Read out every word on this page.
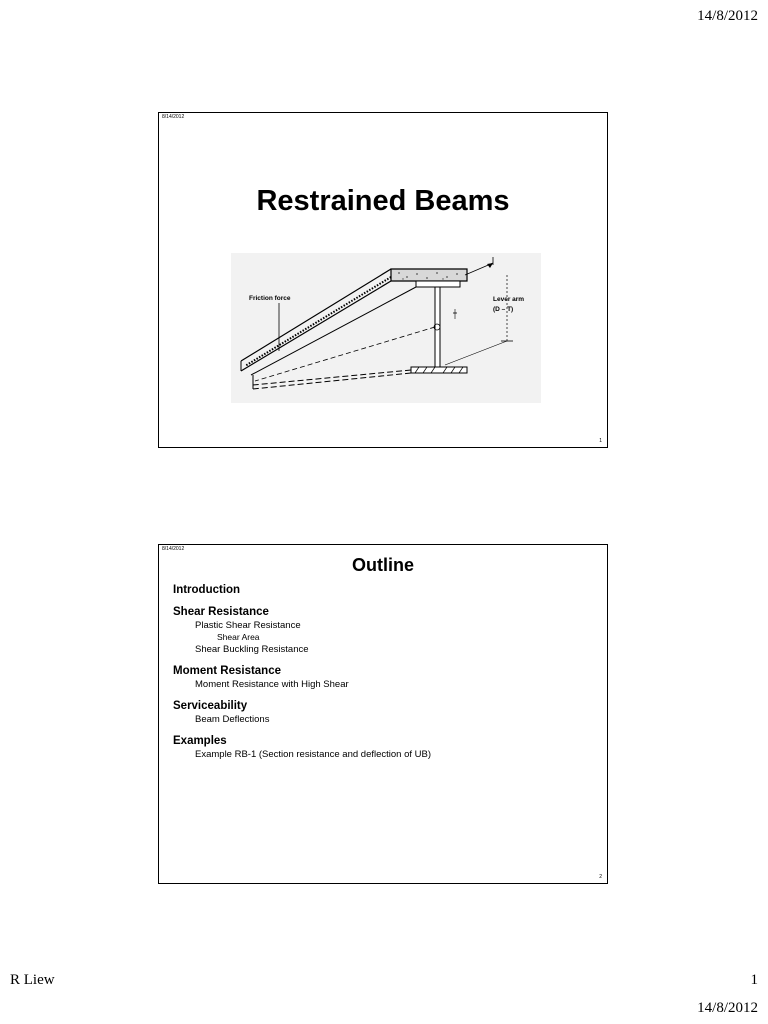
14/8/2012
8/14/2012
Restrained Beams
Friction force	Lever arm
(D – T)
1
8/14/2012
Outline
Introduction
Shear Resistance
Plastic Shear Resistance
Shear Area
Shear Buckling Resistance
Moment Resistance
Moment Resistance with High Shear
Serviceability
Beam Deflections
Examples
Example RB-1 (Section resistance and deflection of UB)
2
R Liew	1
14/8/2012
